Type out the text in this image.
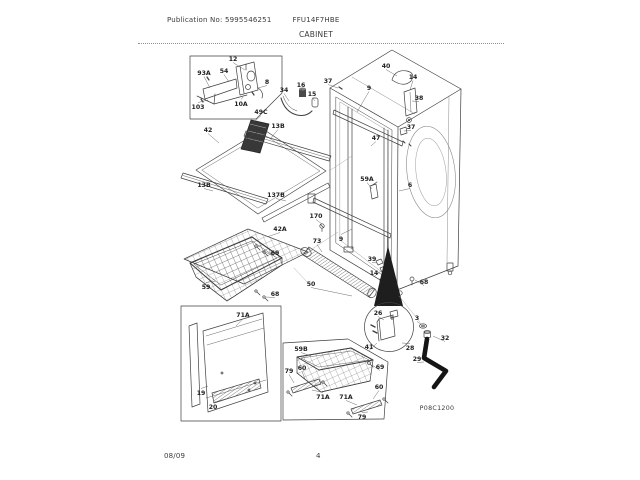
12
93A 54
8
103	10A
34
16
15
49C
37
9
40
14
38
37
47
42
13B
13B
137B
42A
69
59
68
59A
6
170
9
73
50
39
14
68
26
3
32
41	28
29
59B
79 60
71A 71A
60
79
69
71A
19
20	P08C1200
Publication No: 5995546251	FFU14F7HBE
CABINET
08/09	4
